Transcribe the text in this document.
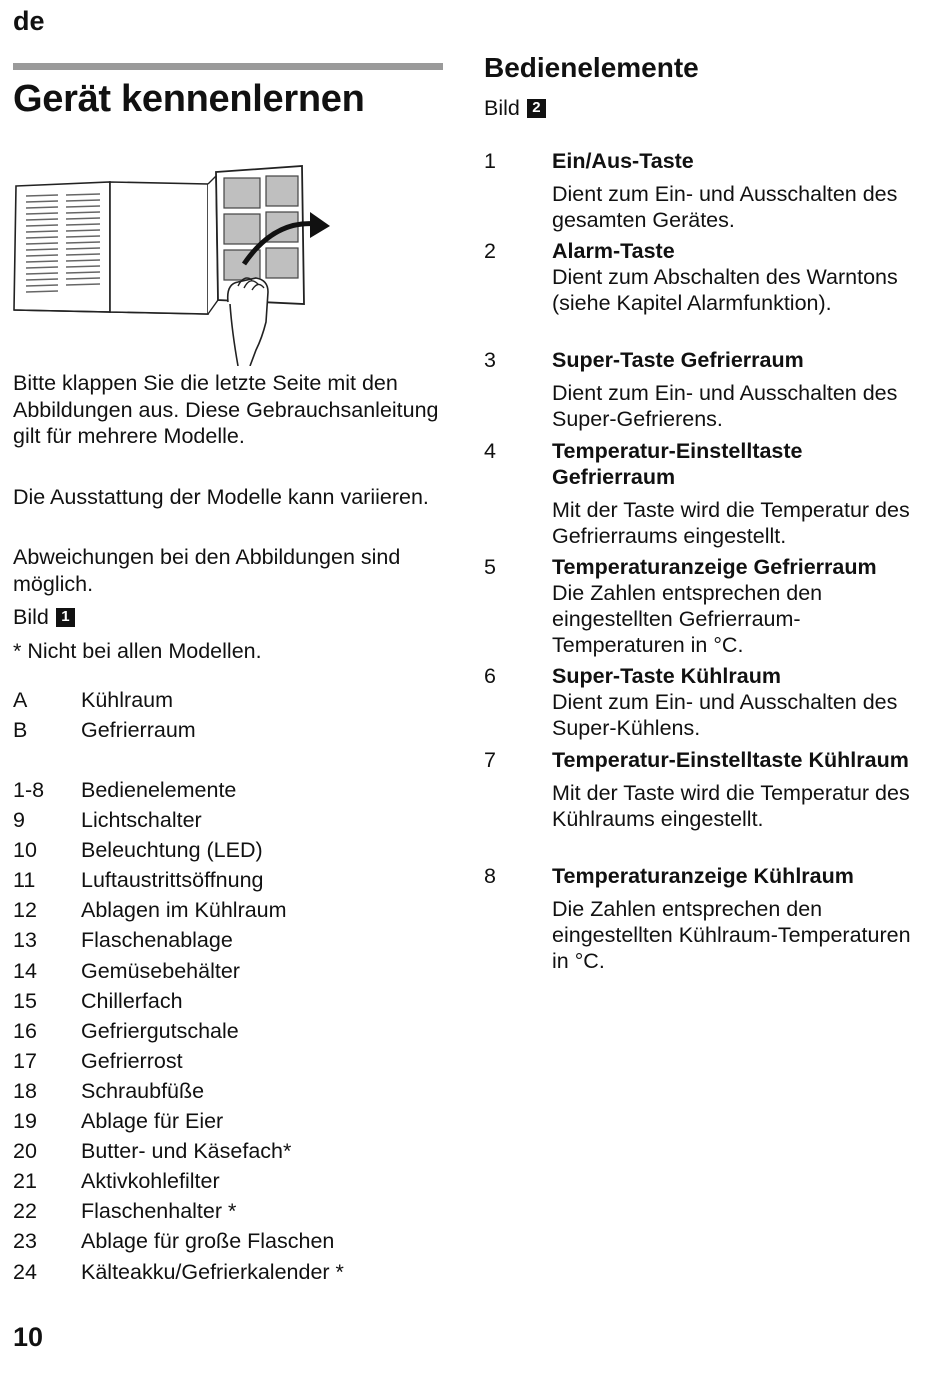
de
Gerät kennenlernen

Bitte klappen Sie die letzte Seite mit den Abbildungen aus. Diese Gebrauchsanleitung gilt für mehrere Modelle.

Die Ausstattung der Modelle kann variieren.

Abweichungen bei den Abbildungen sind möglich.

Bild 1

* Nicht bei allen Modellen.

A	Kühlraum
B	Gefrierraum
1-8	Bedienelemente
9	Lichtschalter
10	Beleuchtung (LED)
11	Luftaustrittsöffnung
12	Ablagen im Kühlraum
13	Flaschenablage
14	Gemüsebehälter
15	Chillerfach
16	Gefriergutschale
17	Gefrierrost
18	Schraubfüße
19	Ablage für Eier
20	Butter- und Käsefach*
21	Aktivkohlefilter
22	Flaschenhalter *
23	Ablage für große Flaschen
24	Kälteakku/Gefrierkalender *
Bedienelemente
Bild 2
1	Ein/Aus-Taste
Dient zum Ein- und Ausschalten des gesamten Gerätes.
2	Alarm-Taste
Dient zum Abschalten des Warntons (siehe Kapitel Alarmfunktion).
3	Super-Taste Gefrierraum
Dient zum Ein- und Ausschalten des Super-Gefrierens.
4	Temperatur-Einstelltaste Gefrierraum
Mit der Taste wird die Temperatur des Gefrierraums eingestellt.
5	Temperaturanzeige Gefrierraum
Die Zahlen entsprechen den eingestellten Gefrierraum-Temperaturen in °C.
6	Super-Taste Kühlraum
Dient zum Ein- und Ausschalten des Super-Kühlens.
7	Temperatur-Einstelltaste Kühlraum
Mit der Taste wird die Temperatur des Kühlraums eingestellt.
8	Temperaturanzeige Kühlraum
Die Zahlen entsprechen den eingestellten Kühlraum-Temperaturen in °C.
10
